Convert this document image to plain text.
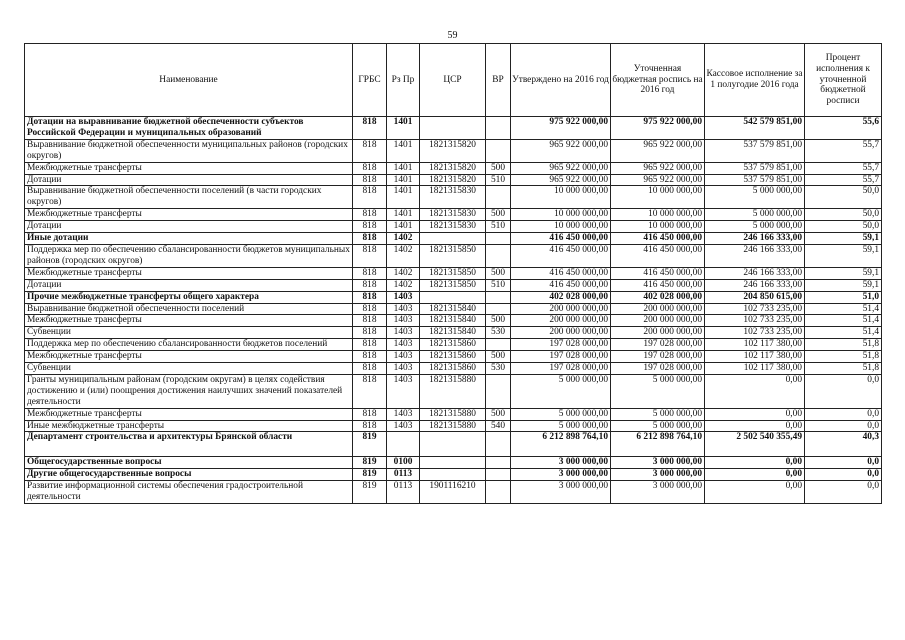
59
Наименование	ГРБС	Рз Пр	ЦСР	ВР	Утверждено на 2016 год	Уточненная бюджетная роспись на 2016 год	Кассовое исполнение за 1 полугодие 2016 года	Процент исполнения к уточненной бюджетной росписи
Дотации на выравнивание бюджетной обеспеченности субъектов Российской Федерации и муниципальных образований	818	1401			975 922 000,00	975 922 000,00	542 579 851,00	55,6
Выравнивание бюджетной обеспеченности муниципальных районов (городских округов)	818	1401	1821315820		965 922 000,00	965 922 000,00	537 579 851,00	55,7
Межбюджетные трансферты	818	1401	1821315820	500	965 922 000,00	965 922 000,00	537 579 851,00	55,7
Дотации	818	1401	1821315820	510	965 922 000,00	965 922 000,00	537 579 851,00	55,7
Выравнивание бюджетной обеспеченности поселений (в части городских округов)	818	1401	1821315830		10 000 000,00	10 000 000,00	5 000 000,00	50,0
Межбюджетные трансферты	818	1401	1821315830	500	10 000 000,00	10 000 000,00	5 000 000,00	50,0
Дотации	818	1401	1821315830	510	10 000 000,00	10 000 000,00	5 000 000,00	50,0
Иные дотации	818	1402			416 450 000,00	416 450 000,00	246 166 333,00	59,1
Поддержка мер по обеспечению сбалансированности бюджетов муниципальных районов (городских округов)	818	1402	1821315850		416 450 000,00	416 450 000,00	246 166 333,00	59,1
Межбюджетные трансферты	818	1402	1821315850	500	416 450 000,00	416 450 000,00	246 166 333,00	59,1
Дотации	818	1402	1821315850	510	416 450 000,00	416 450 000,00	246 166 333,00	59,1
Прочие межбюджетные трансферты общего характера	818	1403			402 028 000,00	402 028 000,00	204 850 615,00	51,0
Выравнивание бюджетной обеспеченности поселений	818	1403	1821315840		200 000 000,00	200 000 000,00	102 733 235,00	51,4
Межбюджетные трансферты	818	1403	1821315840	500	200 000 000,00	200 000 000,00	102 733 235,00	51,4
Субвенции	818	1403	1821315840	530	200 000 000,00	200 000 000,00	102 733 235,00	51,4
Поддержка мер по обеспечению сбалансированности бюджетов поселений	818	1403	1821315860		197 028 000,00	197 028 000,00	102 117 380,00	51,8
Межбюджетные трансферты	818	1403	1821315860	500	197 028 000,00	197 028 000,00	102 117 380,00	51,8
Субвенции	818	1403	1821315860	530	197 028 000,00	197 028 000,00	102 117 380,00	51,8
Гранты муниципальным районам (городским округам) в целях содействия достижению и (или) поощрения достижения наилучших значений показателей деятельности	818	1403	1821315880		5 000 000,00	5 000 000,00	0,00	0,0
Межбюджетные трансферты	818	1403	1821315880	500	5 000 000,00	5 000 000,00	0,00	0,0
Иные межбюджетные трансферты	818	1403	1821315880	540	5 000 000,00	5 000 000,00	0,00	0,0
Департамент строительства и архитектуры Брянской области	819				6 212 898 764,10	6 212 898 764,10	2 502 540 355,49	40,3
Общегосударственные вопросы	819	0100			3 000 000,00	3 000 000,00	0,00	0,0
Другие общегосударственные вопросы	819	0113			3 000 000,00	3 000 000,00	0,00	0,0
Развитие информационной системы обеспечения градостроительной деятельности	819	0113	1901116210		3 000 000,00	3 000 000,00	0,00	0,0
